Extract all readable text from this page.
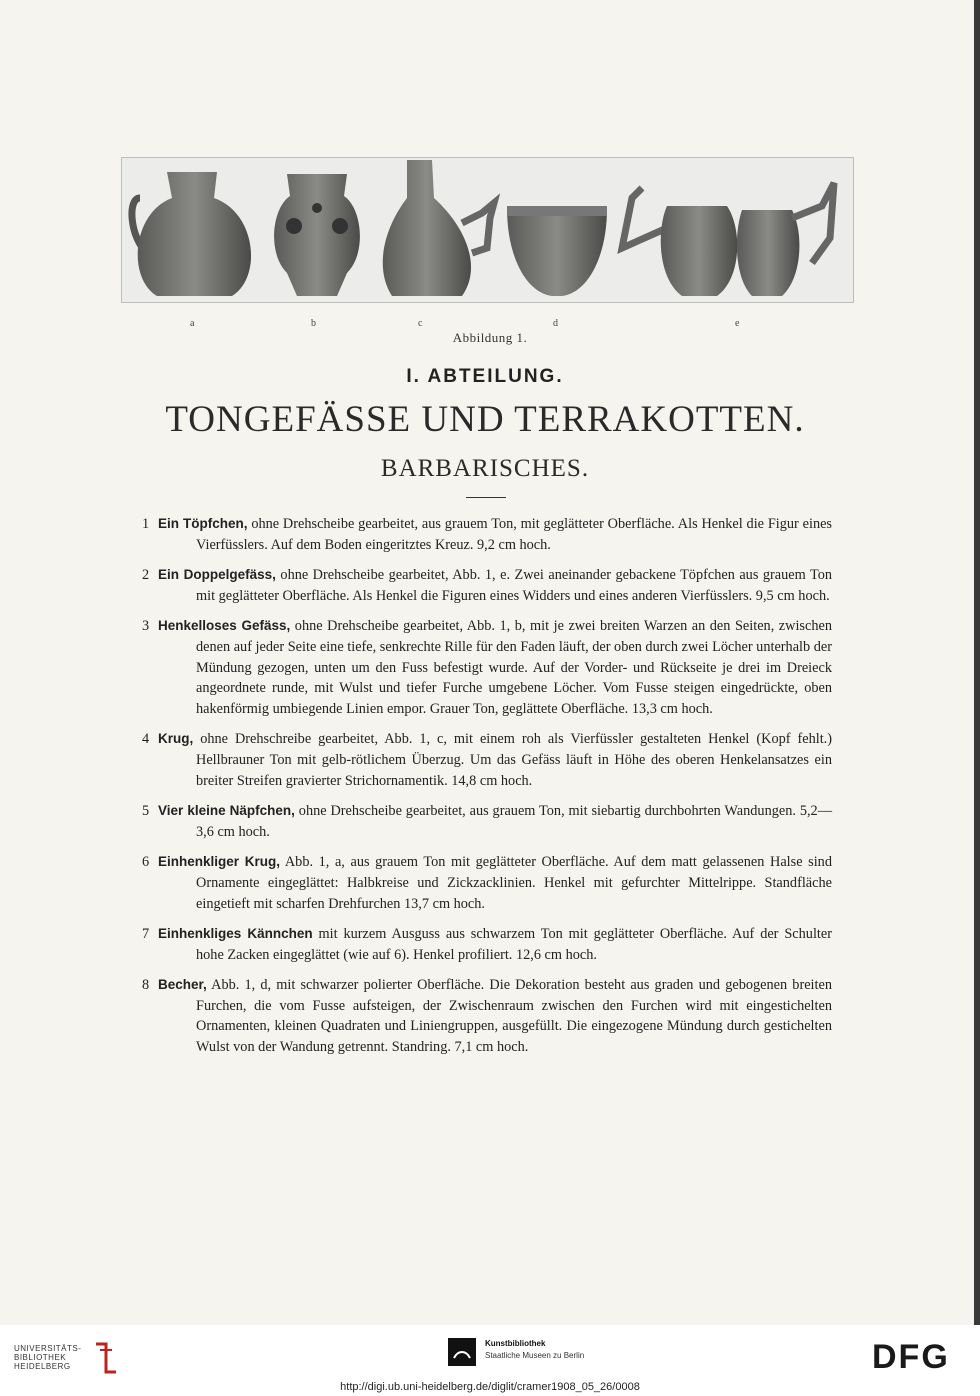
a	b	c	d	e
Abbildung 1.
I. ABTEILUNG.
TONGEFÄSSE UND TERRAKOTTEN.
BARBARISCHES.
1 Ein Töpfchen, ohne Drehscheibe gearbeitet, aus grauem Ton, mit geglätteter Oberfläche. Als Henkel die Figur eines Vierfüsslers. Auf dem Boden eingeritztes Kreuz. 9,2 cm hoch.
2 Ein Doppelgefäss, ohne Drehscheibe gearbeitet, Abb. 1, e. Zwei aneinander gebackene Töpfchen aus grauem Ton mit geglätteter Oberfläche. Als Henkel die Figuren eines Widders und eines anderen Vierfüsslers. 9,5 cm hoch.
3 Henkelloses Gefäss, ohne Drehscheibe gearbeitet, Abb. 1, b, mit je zwei breiten Warzen an den Seiten, zwischen denen auf jeder Seite eine tiefe, senkrechte Rille für den Faden läuft, der oben durch zwei Löcher unterhalb der Mündung gezogen, unten um den Fuss befestigt wurde. Auf der Vorder- und Rückseite je drei im Dreieck angeordnete runde, mit Wulst und tiefer Furche umgebene Löcher. Vom Fusse steigen eingedrückte, oben hakenförmig umbiegende Linien empor. Grauer Ton, geglättete Oberfläche. 13,3 cm hoch.
4 Krug, ohne Drehschreibe gearbeitet, Abb. 1, c, mit einem roh als Vierfüssler gestalteten Henkel (Kopf fehlt.) Hellbrauner Ton mit gelb-rötlichem Überzug. Um das Gefäss läuft in Höhe des oberen Henkelansatzes ein breiter Streifen gravierter Strichornamentik. 14,8 cm hoch.
5 Vier kleine Näpfchen, ohne Drehscheibe gearbeitet, aus grauem Ton, mit siebartig durchbohrten Wandungen. 5,2—3,6 cm hoch.
6 Einhenkliger Krug, Abb. 1, a, aus grauem Ton mit geglätteter Oberfläche. Auf dem matt gelassenen Halse sind Ornamente eingeglättet: Halbkreise und Zickzacklinien. Henkel mit gefurchter Mittelrippe. Standfläche eingetieft mit scharfen Drehfurchen 13,7 cm hoch.
7 Einhenkliges Kännchen mit kurzem Ausguss aus schwarzem Ton mit geglätteter Oberfläche. Auf der Schulter hohe Zacken eingeglättet (wie auf 6). Henkel profiliert. 12,6 cm hoch.
8 Becher, Abb. 1, d, mit schwarzer polierter Oberfläche. Die Dekoration besteht aus graden und gebogenen breiten Furchen, die vom Fusse aufsteigen, der Zwischenraum zwischen den Furchen wird mit eingestichelten Ornamenten, kleinen Quadraten und Liniengruppen, ausgefüllt. Die eingezogene Mündung durch gestichelten Wulst von der Wandung getrennt. Standring. 7,1 cm hoch.
UNIVERSITÄTS-
BIBLIOTHEK
HEIDELBERG
Kunstbibliothek
Staatliche Museen zu Berlin	DFG
http://digi.ub.uni-heidelberg.de/diglit/cramer1908_05_26/0008
